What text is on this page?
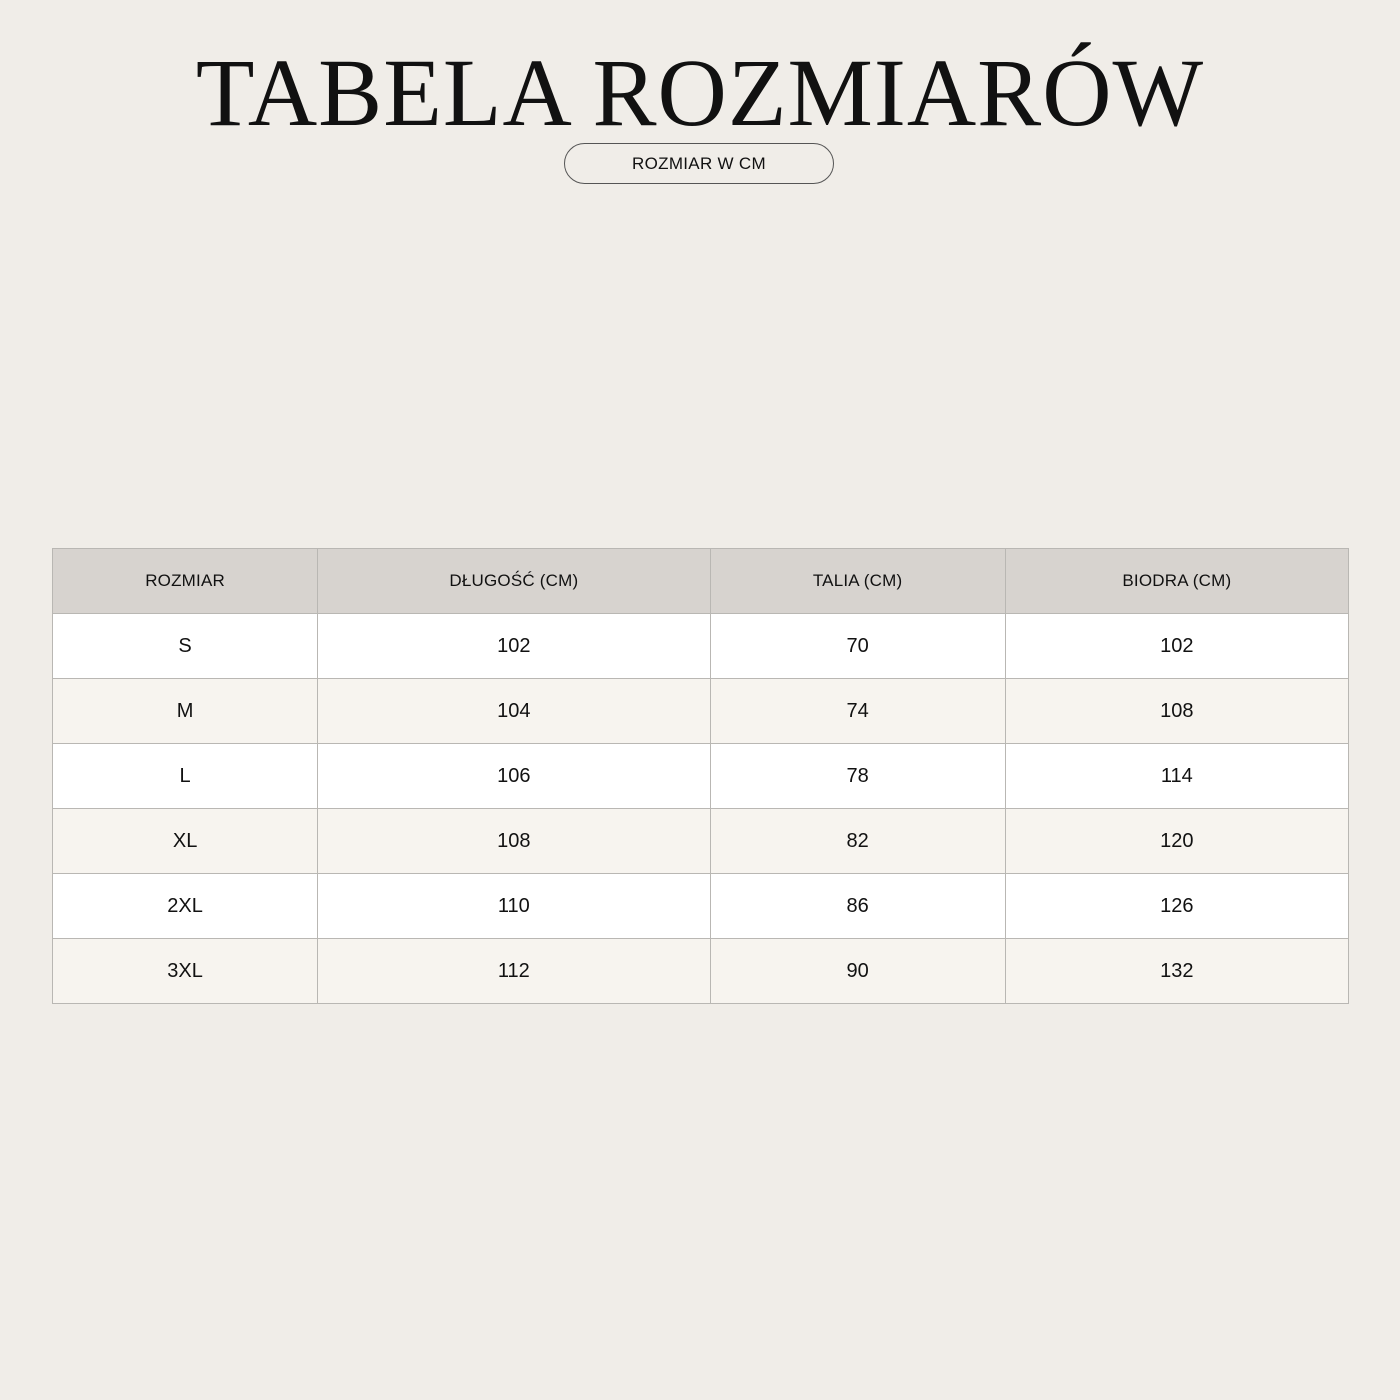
TABELA ROZMIARÓW
ROZMIAR W CM
ROZMIAR	DŁUGOŚĆ (CM)	TALIA (CM)	BIODRA (CM)
S	102	70	102
M	104	74	108
L	106	78	114
XL	108	82	120
2XL	110	86	126
3XL	112	90	132
